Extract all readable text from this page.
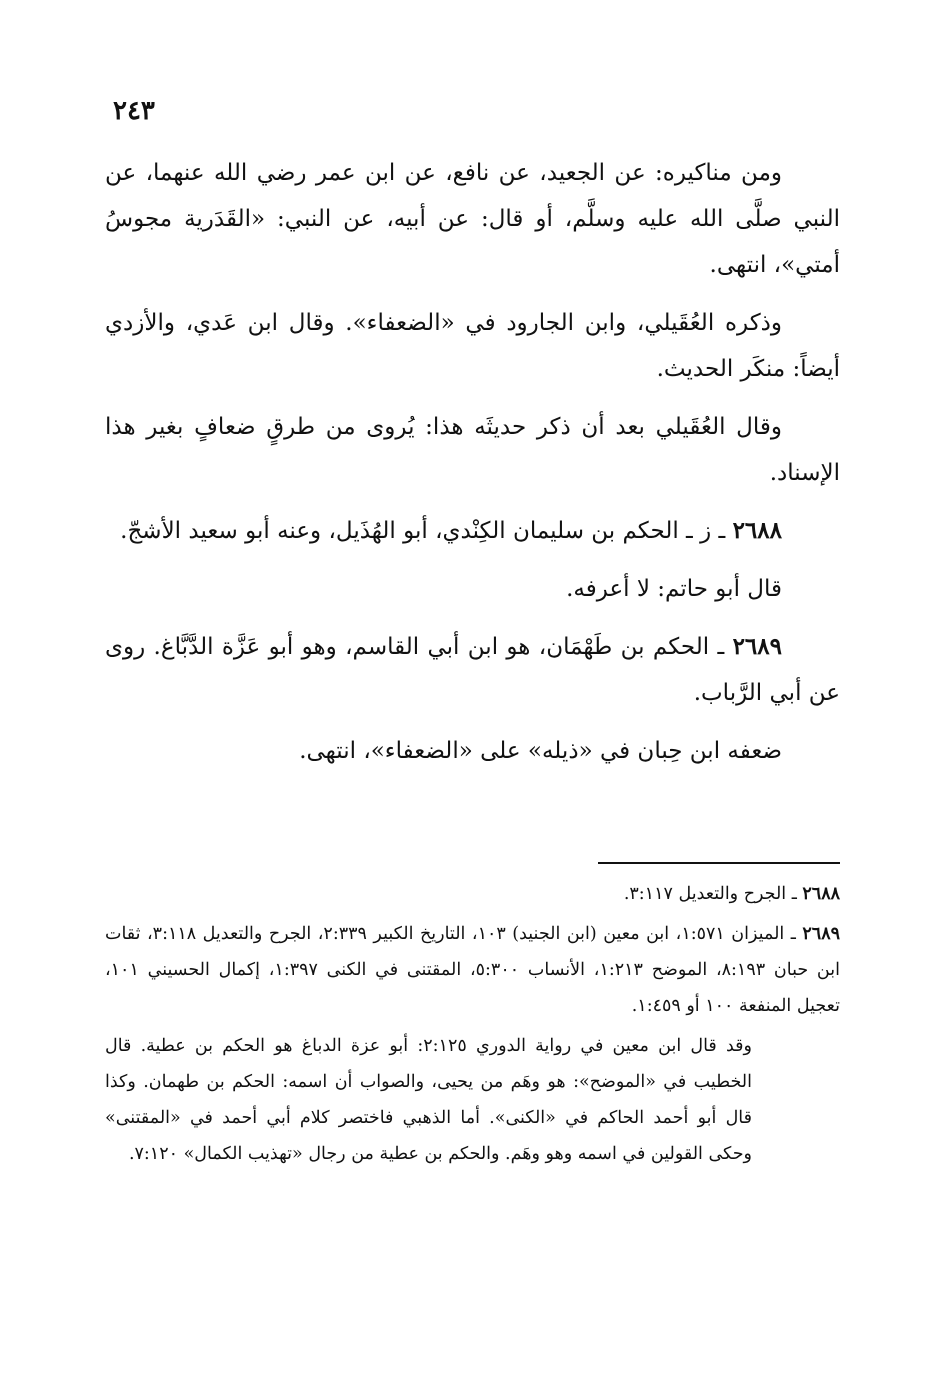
٢٤٣

ومن مناكيره: عن الجعيد، عن نافع، عن ابن عمر رضي الله عنهما، عن النبي صلَّى الله عليه وسلَّم، أو قال: عن أبيه، عن النبي: «القَدَرية مجوسُ أمتي»، انتهى.

وذكره العُقَيلي، وابن الجارود في «الضعفاء». وقال ابن عَدي، والأزدي أيضاً: منكَر الحديث.

وقال العُقَيلي بعد أن ذكر حديثَه هذا: يُروى من طرقٍ ضعافٍ بغير هذا الإسناد.

٢٦٨٨ ـ ز ـ الحكم بن سليمان الكِنْدي، أبو الهُذَيل، وعنه أبو سعيد الأشجّ.

قال أبو حاتم: لا أعرفه.

٢٦٨٩ ـ الحكم بن طَهْمَان، هو ابن أبي القاسم، وهو أبو عَزَّة الدَّبَّاغ. روى عن أبي الرَّباب.

ضعفه ابن حِبان في «ذيله» على «الضعفاء»، انتهى.

٢٦٨٨ ـ الجرح والتعديل ٣:١١٧.
٢٦٨٩ ـ الميزان ١:٥٧١، ابن معين (ابن الجنيد) ١٠٣، التاريخ الكبير ٢:٣٣٩، الجرح والتعديل ٣:١١٨، ثقات ابن حبان ٨:١٩٣، الموضح ١:٢١٣، الأنساب ٥:٣٠٠، المقتنى في الكنى ١:٣٩٧، إكمال الحسيني ١٠١، تعجيل المنفعة ١٠٠ أو ١:٤٥٩.

وقد قال ابن معين في رواية الدوري ٢:١٢٥: أبو عزة الدباغ هو الحكم بن عطية. قال الخطيب في «الموضح»: هو وهَم من يحيى، والصواب أن اسمه: الحكم بن طهمان. وكذا قال أبو أحمد الحاكم في «الكنى». أما الذهبي فاختصر كلام أبي أحمد في «المقتنى» وحكى القولين في اسمه وهو وهَم. والحكم بن عطية من رجال «تهذيب الكمال» ٧:١٢٠.
